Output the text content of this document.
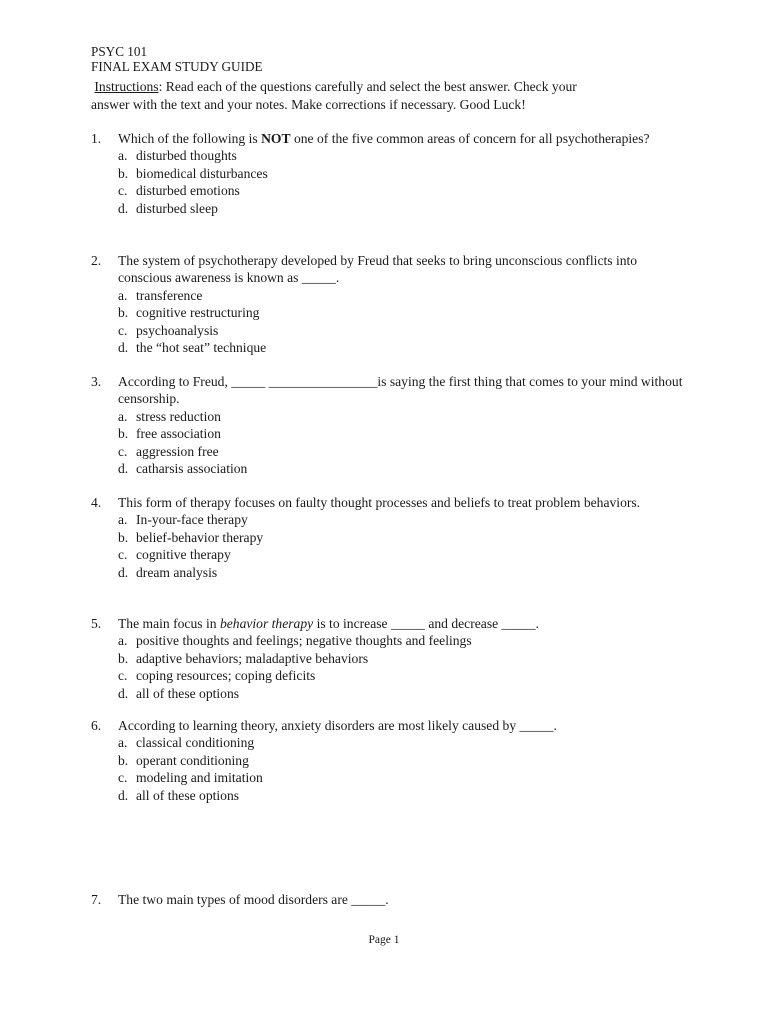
PSYC 101
FINAL EXAM STUDY GUIDE
Instructions: Read each of the questions carefully and select the best answer. Check your
answer with the text and your notes. Make corrections if necessary. Good Luck!
1.	Which of the following is NOT one of the five common areas of concern for all psychotherapies?
a. disturbed thoughts
b. biomedical disturbances
c. disturbed emotions
d. disturbed sleep
2.	The system of psychotherapy developed by Freud that seeks to bring unconscious conflicts into conscious awareness is known as _____.
a. transference
b. cognitive restructuring
c. psychoanalysis
d. the “hot seat” technique
3.	According to Freud, _____ ________________is saying the first thing that comes to your mind without censorship.
a. stress reduction
b. free association
c. aggression free
d. catharsis association
4.	This form of therapy focuses on faulty thought processes and beliefs to treat problem behaviors.
a. In-your-face therapy
b. belief-behavior therapy
c. cognitive therapy
d. dream analysis
5.	The main focus in behavior therapy is to increase _____ and decrease _____.
a. positive thoughts and feelings; negative thoughts and feelings
b. adaptive behaviors; maladaptive behaviors
c. coping resources; coping deficits
d. all of these options
6.	According to learning theory, anxiety disorders are most likely caused by _____.
a. classical conditioning
b. operant conditioning
c. modeling and imitation
d. all of these options
7.	The two main types of mood disorders are _____.
Page 1
